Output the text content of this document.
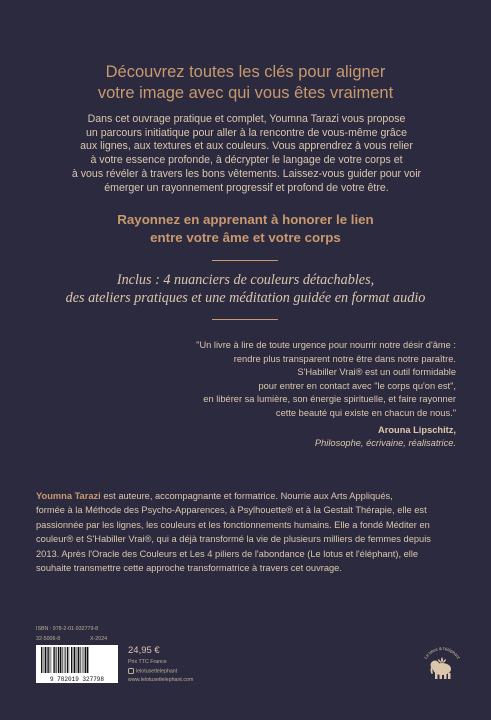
Découvrez toutes les clés pour aligner
votre image avec qui vous êtes vraiment
Dans cet ouvrage pratique et complet, Youmna Tarazi vous propose
un parcours initiatique pour aller à la rencontre de vous-même grâce
aux lignes, aux textures et aux couleurs. Vous apprendrez à vous relier
à votre essence profonde, à décrypter le langage de votre corps et
à vous révéler à travers les bons vêtements. Laissez-vous guider pour voir
émerger un rayonnement progressif et profond de votre être.
Rayonnez en apprenant à honorer le lien
entre votre âme et votre corps
Inclus : 4 nuanciers de couleurs détachables,
des ateliers pratiques et une méditation guidée en format audio
"Un livre à lire de toute urgence pour nourrir notre désir d'âme :
rendre plus transparent notre être dans notre paraître.
S'Habiller Vrai® est un outil formidable
pour entrer en contact avec "le corps qu'on est",
en libérer sa lumière, son énergie spirituelle, et faire rayonner
cette beauté qui existe en chacun de nous."
Arouna Lipschitz,
Philosophe, écrivaine, réalisatrice.
Youmna Tarazi est auteure, accompagnante et formatrice. Nourrie aux Arts Appliqués,
formée à la Méthode des Psycho-Apparences, à Psylhouette® et à la Gestalt Thérapie, elle est
passionnée par les lignes, les couleurs et les fonctionnements humains. Elle a fondé Méditer en
couleur® et S'Habiller Vrai®, qui a déjà transformé la vie de plusieurs milliers de femmes depuis
2013. Après l'Oracle des Couleurs et Les 4 piliers de l'abondance (Le lotus et l'éléphant), elle
souhaite transmettre cette approche transformatrice à travers cet ouvrage.
ISBN : 978-2-01-932779-8
32-5006-8	X-2024
9 782019 327798
24,95 €
Prix TTC France
lelotusetlelephant
www.lelotusetlelephant.com
Le lotus & l'éléphant
